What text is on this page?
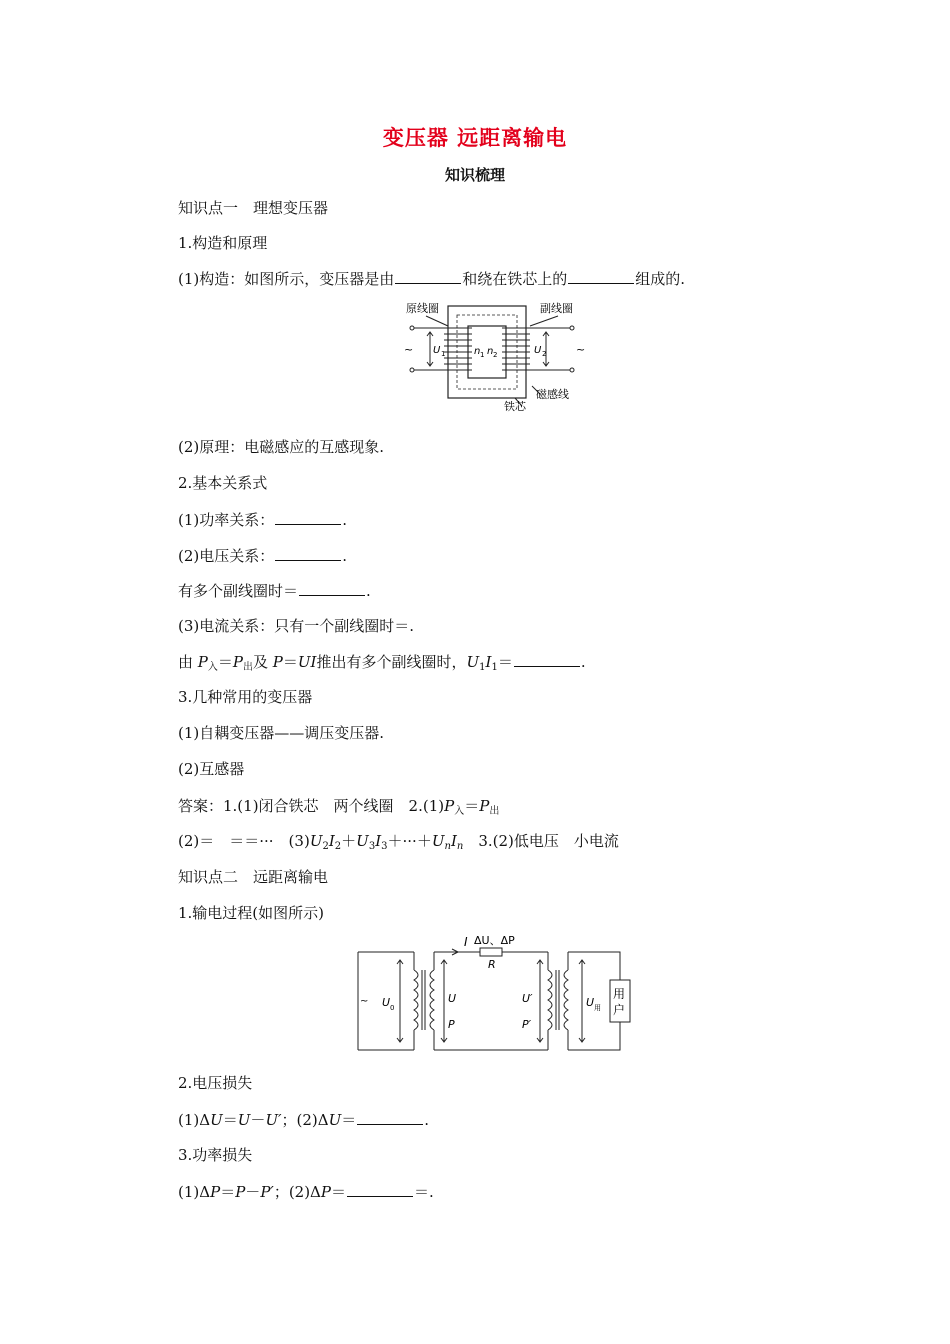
变压器 远距离输电
知识梳理
知识点一　理想变压器
1.构造和原理
(1)构造：如图所示，变压器是由	和绕在铁芯上的	组成的.
原线圈	副线圈
铁芯
磁感线
~	~
U 1	U 2
n 1 n 2
(2)原理：电磁感应的互感现象.
2.基本关系式
(1)功率关系：	.
(2)电压关系：	.
有多个副线圈时＝	.
(3)电流关系：只有一个副线圈时＝.
由 $P_入=P_出$及 P＝UI推出有多个副线圈时，$U_1I_1=$	.
3.几种常用的变压器
(1)自耦变压器——调压变压器.
(2)互感器
答案：1.(1)闭合铁芯　两个线圈　$2.(1)P_入=P_出$
(2)＝　＝＝···　$(3)U_2I_2+U_3I_3+\cdot\cdot\cdot+U_nI_n$　3.(2)低电压　小电流
知识点二　远距离输电
1.输电过程(如图所示)
I ΔU、ΔP
R
~ U 0
U
P
U′
P′
U 用
用
户
2.电压损失
(1)ΔU＝U－U′；(2)ΔU＝	.
3.功率损失
(1)ΔP＝P－P′；(2)ΔP＝	＝.
